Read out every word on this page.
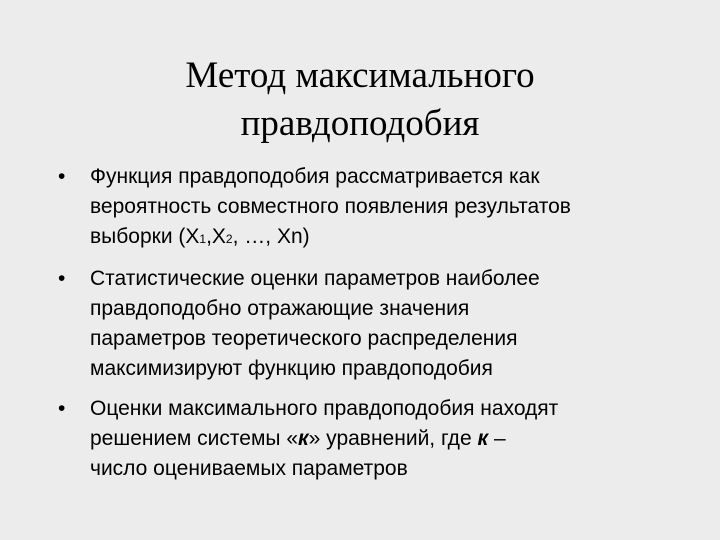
Метод максимального
правдоподобия
• Функция правдоподобия рассматривается как
вероятность совместного появления результатов
выборки (Х1,Х2, …, Хn)
• Статистические оценки параметров наиболее
правдоподобно отражающие значения
параметров теоретического распределения
максимизируют функцию правдоподобия
• Оценки максимального правдоподобия находят
решением системы «к» уравнений, где к –
число оцениваемых параметров
